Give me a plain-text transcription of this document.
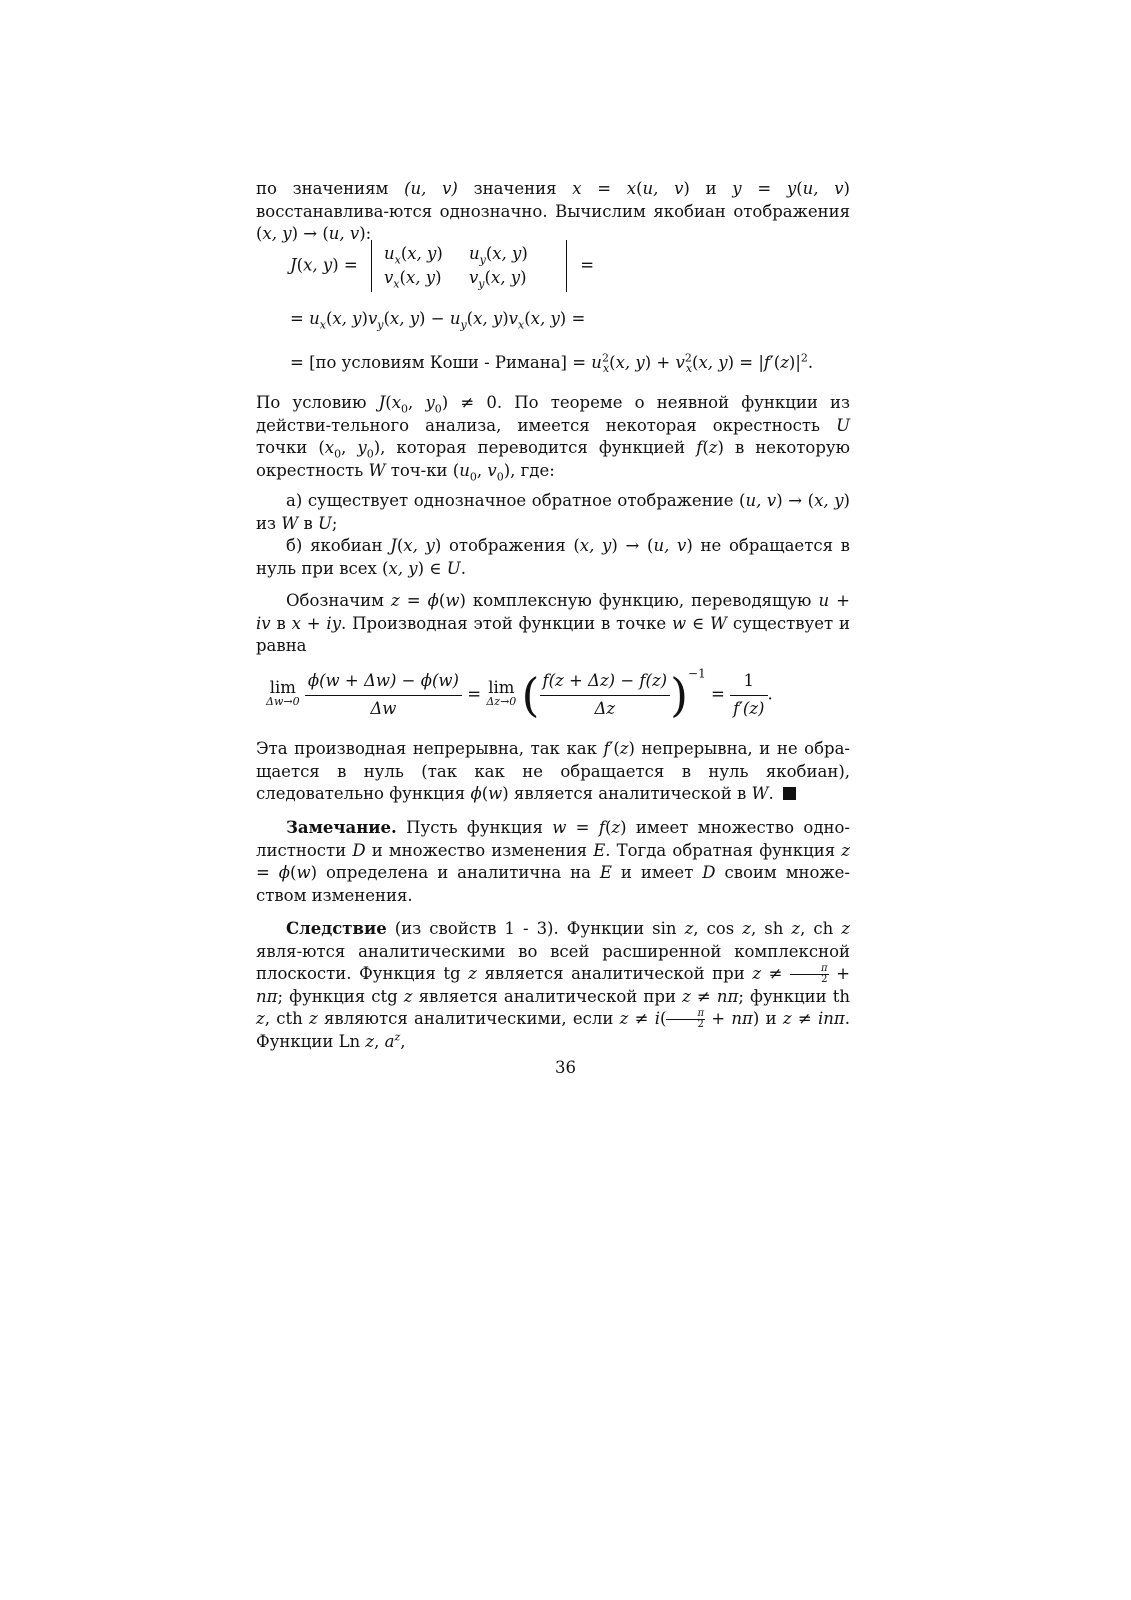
по значениям (u, v) значения x = x(u, v) и y = y(u, v) восстанавлива-ются однозначно. Вычислим якобиан отображения (x, y) → (u, v):
J(x, y) =
$u_x(x$, y) $u_y(x$, y)
$v_x(x$, y) $v_y(x$, y)
=
= $u_x(x$, $y)v_y(x$, $y) - u_y(x$, $y)v_x(x$, y) =
= [по условиям Коши - Римана] = $u^2_x(x$, $y) + v^2_x(x$, $y) = |f'(z)|^2$.
По условию $J(x_0$, $y_0) \ne 0$. По теореме о неявной функции из действи-тельного анализа, имеется некоторая окрестность U точки ($x_0$, $y_0$), которая переводится функцией f(z) в некоторую окрестность W точ-ки ($u_0$, $v_0$), где:
а) существует однозначное обратное отображение (u, v) → (x, y) из W в U;
б) якобиан J(x, y) отображения (x, y) → (u, v) не обращается в нуль при всех (x, y) ∈ U.
Обозначим z = ϕ(w) комплексную функцию, переводящую u + iv в x + iy. Производная этой функции в точке w ∈ W существует и равна
lim
Δw→0
$\frac{\phi(w + \Delta w) - \phi(w)}{\Delta w} = \lim$
Δz→0 ( $\frac{f(z + \Delta z) - f(z)}{\Delta z} )^{-1} = \frac{1}{f'(z)}$ .
Эта производная непрерывна, так как f′(z) непрерывна, и не обра-щается в нуль (так как не обращается в нуль якобиан), следовательно функция ϕ(w) является аналитической в W.
Замечание. Пусть функция w = f(z) имеет множество одно-листности D и множество изменения E. Тогда обратная функция z = ϕ(w) определена и аналитична на E и имеет D своим множе-ством изменения.
Следствие (из свойств 1 - 3). Функции sin z, cos z, sh z, ch z явля-ются аналитическими во всей расширенной комплексной плоскости. Функция tg z является аналитической при $z \ne \frac{\pi}{2} + n\pi$; функция ctg z является аналитической при z ≠ nπ; функции th z, cth z являются аналитическими, если $z \ne i( \frac{\pi}{2} + n\pi)$ и z ≠ inπ. Функции Ln z, $a^z$,
36
